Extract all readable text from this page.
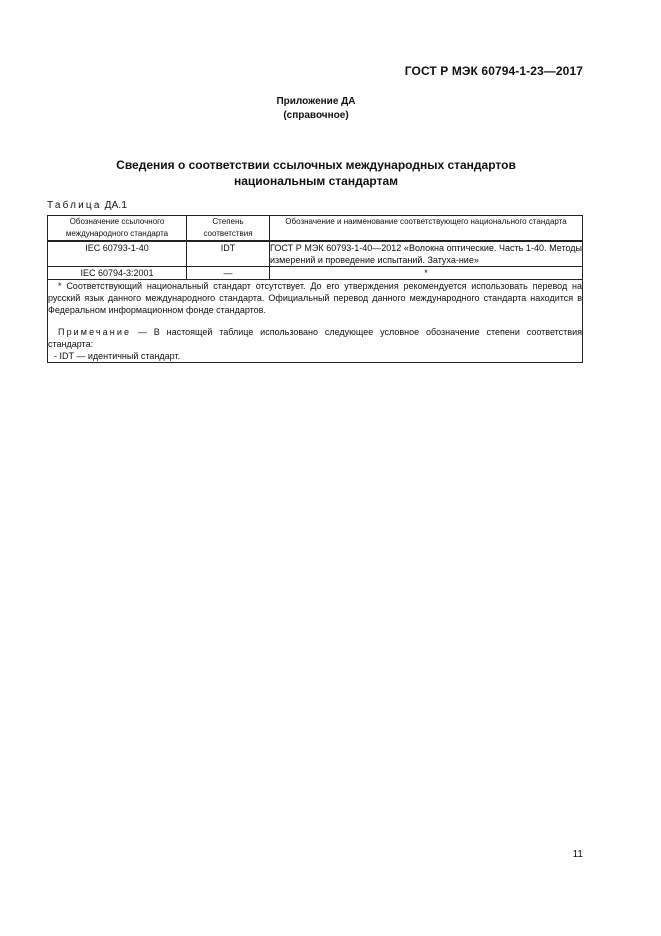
ГОСТ Р МЭК 60794-1-23—2017
Приложение ДА
(справочное)
Сведения о соответствии ссылочных международных стандартов
национальным стандартам
Таблица ДА.1
Обозначение ссылочного международного стандарта	Степень соответствия	Обозначение и наименование соответствующего национального стандарта
IEC 60793-1-40	IDT	ГОСТ Р МЭК 60793-1-40—2012 «Волокна оптические. Часть 1-40. Методы измерений и проведение испытаний. Затуха-ние»
IEC 60794-3:2001	—	*

* Соответствующий национальный стандарт отсутствует. До его утверждения рекомендуется использовать перевод на русский язык данного международного стандарта. Официальный перевод данного международного стандарта находится в Федеральном информационном фонде стандартов.

Примечание — В настоящей таблице использовано следующее условное обозначение степени соответствия стандарта:

- IDT — идентичный стандарт.		

11
